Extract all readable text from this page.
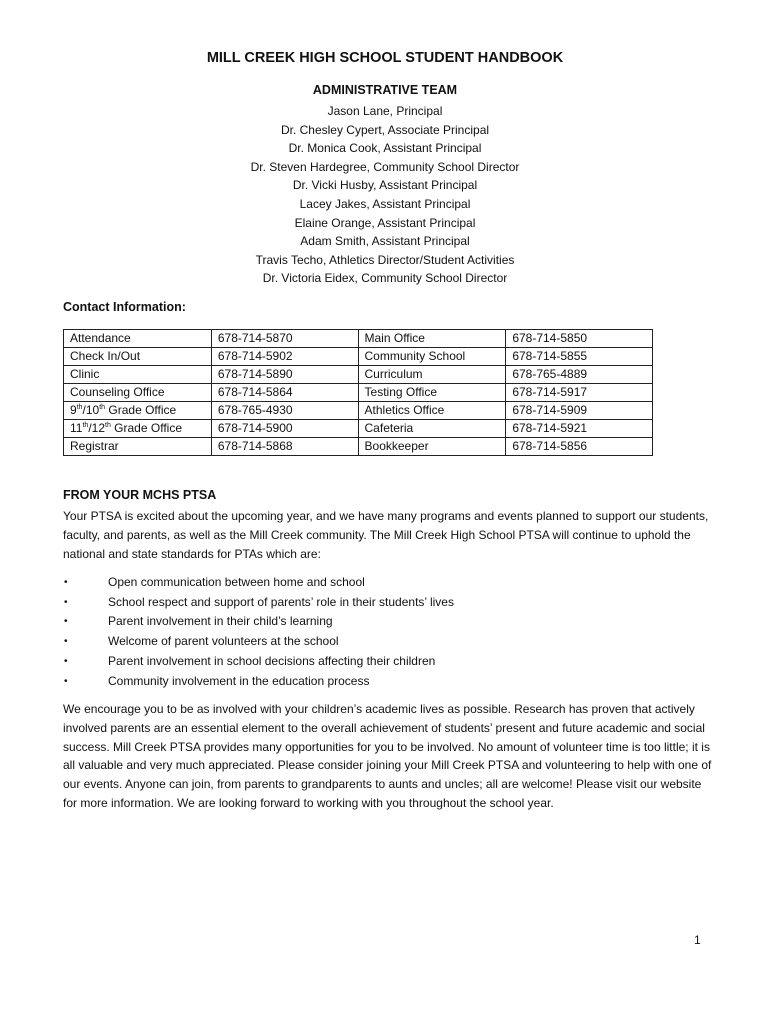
MILL CREEK HIGH SCHOOL STUDENT HANDBOOK
ADMINISTRATIVE TEAM
Jason Lane, Principal
Dr. Chesley Cypert, Associate Principal
Dr. Monica Cook, Assistant Principal
Dr. Steven Hardegree, Community School Director
Dr. Vicki Husby, Assistant Principal
Lacey Jakes, Assistant Principal
Elaine Orange, Assistant Principal
Adam Smith, Assistant Principal
Travis Techo, Athletics Director/Student Activities
Dr. Victoria Eidex, Community School Director
Contact Information:
Attendance	678-714-5870	Main Office	678-714-5850
Check In/Out	678-714-5902	Community School	678-714-5855
Clinic	678-714-5890	Curriculum	678-765-4889
Counseling Office	678-714-5864	Testing Office	678-714-5917
9th/10th Grade Office	678-765-4930	Athletics Office	678-714-5909
11th/12th Grade Office	678-714-5900	Cafeteria	678-714-5921
Registrar	678-714-5868	Bookkeeper	678-714-5856
FROM YOUR MCHS PTSA

Your PTSA is excited about the upcoming year, and we have many programs and events planned to support our students, faculty, and parents, as well as the Mill Creek community. The Mill Creek High School PTSA will continue to uphold the national and state standards for PTAs which are:

•	Open communication between home and school
•	School respect and support of parents’ role in their students’ lives
•	Parent involvement in their child’s learning
•	Welcome of parent volunteers at the school
•	Parent involvement in school decisions affecting their children
•	Community involvement in the education process

We encourage you to be as involved with your children’s academic lives as possible. Research has proven that actively involved parents are an essential element to the overall achievement of students’ present and future academic and social success. Mill Creek PTSA provides many opportunities for you to be involved. No amount of volunteer time is too little; it is all valuable and very much appreciated. Please consider joining your Mill Creek PTSA and volunteering to help with one of our events. Anyone can join, from parents to grandparents to aunts and uncles; all are welcome! Please visit our website for more information. We are looking forward to working with you throughout the school year.

1
